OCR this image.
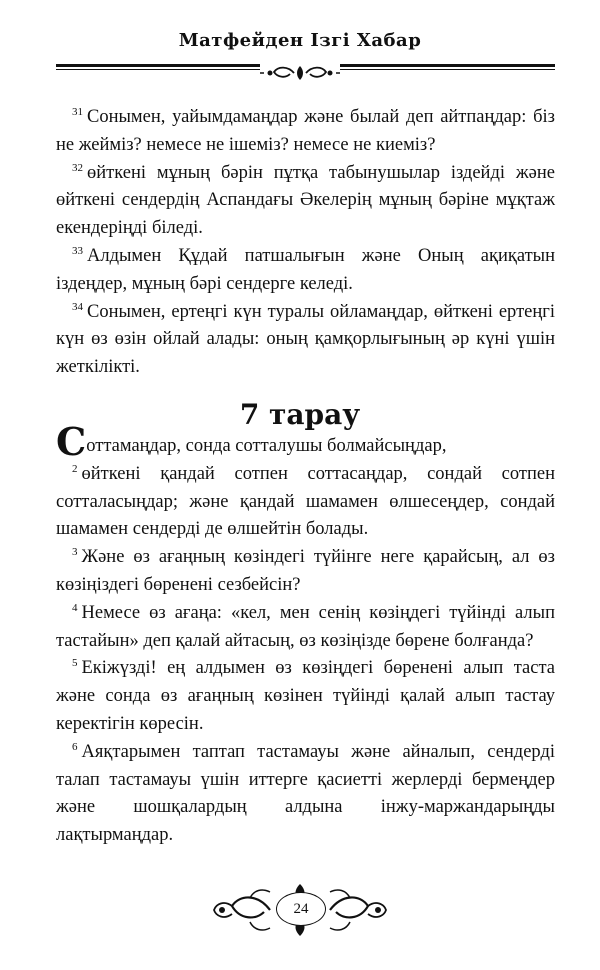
Матфейден Ізгі Хабар

$^{31}$ Сонымен, уайымдамаңдар және былай деп айтпаңдар: біз не жейміз? немесе не ішеміз? немесе не киеміз?

$^{32}$ өйткені мұның бәрін пұтқа табынушылар іздейді және өйткені сендердің Аспандағы Әкелерің мұның бәріне мұқтаж екендеріңді біледі.

$^{33}$ Алдымен Құдай патшалығын және Оның ақиқатын іздеңдер, мұның бәрі сендерге келеді.

$^{34}$ Сонымен, ертеңгі күн туралы ойламаңдар, өйткені ертеңгі күн өз өзін ойлай алады: оның қамқорлығының әр күні үшін жеткілікті.

7 тарау

Соттамаңдар, сонда сотталушы болмайсыңдар,

$^2$ өйткені қандай сотпен соттасаңдар, сондай сотпен сотталасыңдар; және қандай шамамен өлшесеңдер, сондай шамамен сендерді де өлшейтін болады.

$^3$ Және өз ағаңның көзіндегі түйінге неге қарайсың, ал өз көзіңіздегі бөренені сезбейсін?

$^4$ Немесе өз ағаңа: «кел, мен сенің көзіңдегі түйінді алып тастайын» деп қалай айтасың, өз көзіңізде бөрене болғанда?

$^5$ Екіжүзді! ең алдымен өз көзіңдегі бөренені алып таста және сонда өз ағаңның көзінен түйінді қалай алып тастау керектігін көресін.

$^6$ Аяқтарымен таптап тастамауы және айналып, сендерді талап тастамауы үшін иттерге қасиетті жерлерді бермеңдер және шошқалардың алдына інжу-маржандарыңды лақтырмаңдар.

24
